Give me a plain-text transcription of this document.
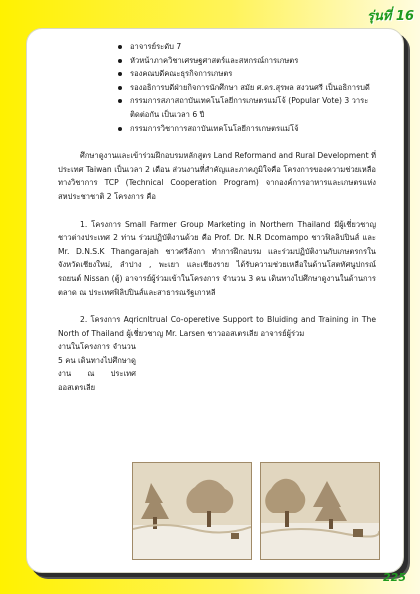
รุ่นที่ 16
อาจารย์ระดับ 7
หัวหน้าภาควิชาเศรษฐศาสตร์และสหกรณ์การเกษตร
รองคณบดีคณะธุรกิจการเกษตร
รองอธิการบดีฝ่ายกิจการนักศึกษา สมัย ศ.ดร.สุรพล สงวนศรี เป็นอธิการบดี
กรรมการสภาสถาบันเทคโนโลยีการเกษตรแม่โจ้ (Popular Vote) 3 วาระติดต่อกัน เป็นเวลา 6 ปี
กรรมการวิชาการสถาบันเทคโนโลยีการเกษตรแม่โจ้

ศึกษาดูงานและเข้าร่วมฝึกอบรมหลักสูตร Land Reformand and Rural Development ที่ประเทศ Taiwan เป็นเวลา 2 เดือน ส่วนงานที่สำคัญและภาคภูมิใจคือ โครงการของความช่วยเหลือทางวิชาการ TCP (Technical Cooperation Program) จากองค์การอาหารและเกษตรแห่งสหประชาชาติ 2 โครงการ คือ

1. โครงการ Small Farmer Group Marketing in Northern Thailand มีผู้เชี่ยวชาญชาวต่างประเทศ 2 ท่าน ร่วมปฏิบัติงานด้วย คือ Prof. Dr. N.R Dcomampo ชาวฟิลลิปปินส์ และ Mr. D.N.S.K Thangarajah ชาวศรีลังกา ทำการฝึกอบรม และร่วมปฏิบัติงานกับเกษตรกรใน จังหวัดเชียงใหม่, ลำปาง , พะเยา และเชียงราย ได้รับความช่วยเหลือในด้านโสตทัศนูปกรณ์ รถยนต์ Nissan (ตู้) อาจารย์ผู้ร่วมเข้าในโครงการ จำนวน 3 คน เดินทางไปศึกษาดูงานในด้านการตลาด ณ ประเทศฟิลิปปินส์และสาธารณรัฐเกาหลี

2. โครงการ Aqricnltrual Co-operetive Support to Bluiding and Training in The North of Thailand ผู้เชี่ยวชาญ Mr. Larsen ชาวออสเตรเลีย อาจารย์ผู้ร่วม

งานในโครงการ จำนวน 5 คน เดินทางไปศึกษาดูงาน ณ ประเทศออสเตรเลีย

225
